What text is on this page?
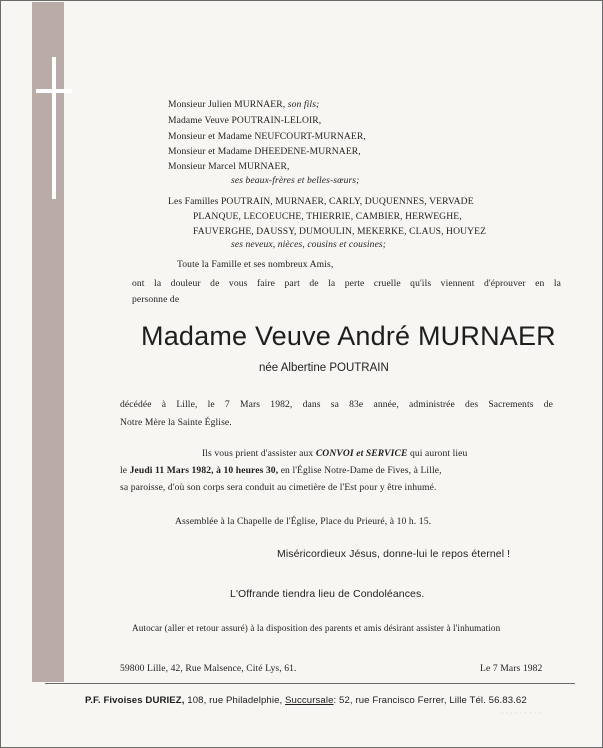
Monsieur Julien MURNAER, son fils;
Madame Veuve POUTRAIN-LELOIR,
Monsieur et Madame NEUFCOURT-MURNAER,
Monsieur et Madame DHEEDENE-MURNAER,
Monsieur Marcel MURNAER,
ses beaux-frères et belles-sœurs;
Les Familles POUTRAIN, MURNAER, CARLY, DUQUENNES, VERVADE
PLANQUE, LECOEUCHE, THIERRIE, CAMBIER, HERWEGHE,
FAUVERGHE, DAUSSY, DUMOULIN, MEKERKE, CLAUS, HOUYEZ
ses neveux, nièces, cousins et cousines;
Toute la Famille et ses nombreux Amis,
ont la douleur de vous faire part de la perte cruelle qu'ils viennent d'éprouver en la
personne de
Madame Veuve André MURNAER
née Albertine POUTRAIN
décédée à Lille, le 7 Mars 1982, dans sa 83e année, administrée des Sacrements de
Notre Mère la Sainte Église.
Ils vous prient d'assister aux CONVOI et SERVICE qui auront lieu
le Jeudi 11 Mars 1982, à 10 heures 30, en l'Église Notre-Dame de Fives, à Lille,
sa paroisse, d'où son corps sera conduit au cimetière de l'Est pour y être inhumé.
Assemblée à la Chapelle de l'Église, Place du Prieuré, à 10 h. 15.
Miséricordieux Jésus, donne-lui le repos éternel !
L'Offrande tiendra lieu de Condoléances.
Autocar (aller et retour assuré) à la disposition des parents et amis désirant assister à l'inhumation
59800 Lille, 42, Rue Malsence, Cité Lys, 61.	Le 7 Mars 1982
P.F. Fivoises DURIEZ, 108, rue Philadelphie, Succursale: 52, rue Francisco Ferrer, Lille Tél. 56.83.62
· · · · · · · · ·
